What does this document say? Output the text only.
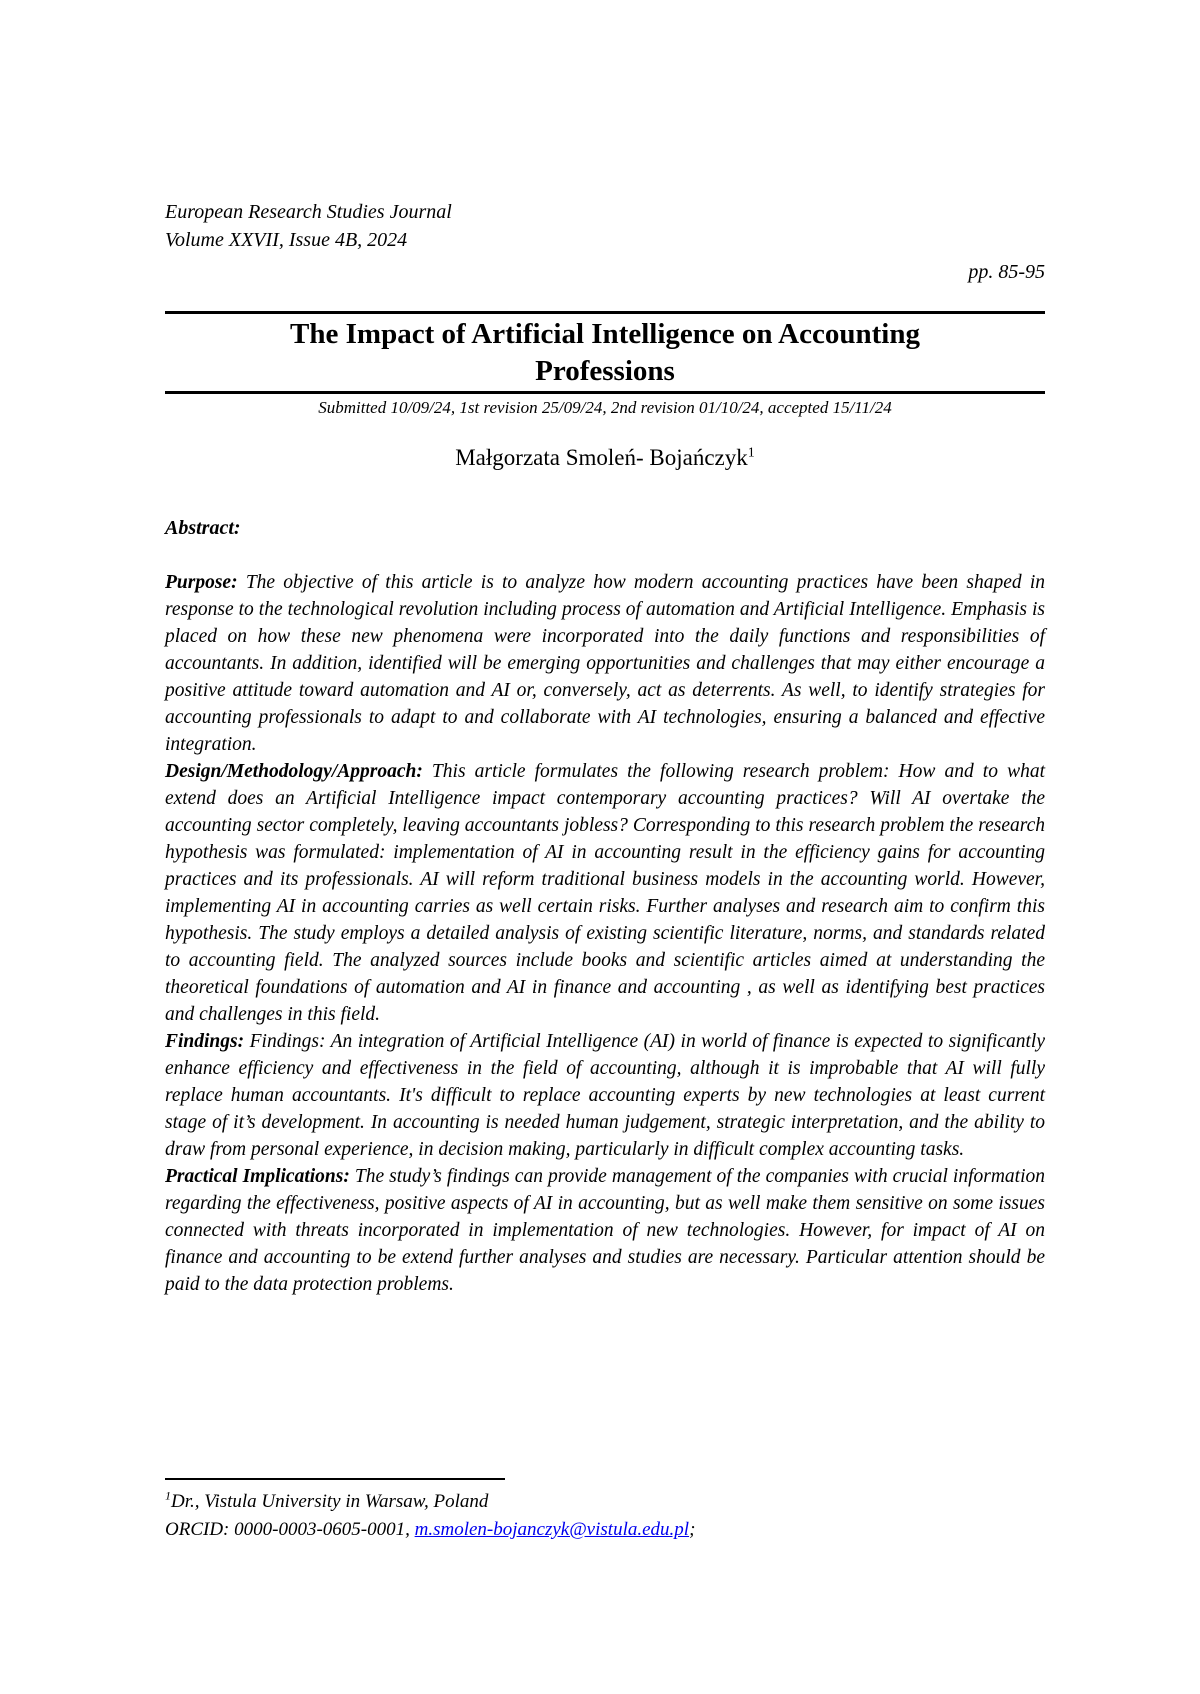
European Research Studies Journal
Volume XXVII, Issue 4B, 2024
pp. 85-95
The Impact of Artificial Intelligence on Accounting
Professions
Submitted 10/09/24, 1st revision 25/09/24, 2nd revision 01/10/24, accepted 15/11/24
Małgorzata Smoleń- Bojańczyk$^1$
Abstract:

Purpose: The objective of this article is to analyze how modern accounting practices have been shaped in response to the technological revolution including process of automation and Artificial Intelligence. Emphasis is placed on how these new phenomena were incorporated into the daily functions and responsibilities of accountants. In addition, identified will be emerging opportunities and challenges that may either encourage a positive attitude toward automation and AI or, conversely, act as deterrents. As well, to identify strategies for accounting professionals to adapt to and collaborate with AI technologies, ensuring a balanced and effective integration.

Design/Methodology/Approach: This article formulates the following research problem: How and to what extend does an Artificial Intelligence impact contemporary accounting practices? Will AI overtake the accounting sector completely, leaving accountants jobless? Corresponding to this research problem the research hypothesis was formulated: implementation of AI in accounting result in the efficiency gains for accounting practices and its professionals. AI will reform traditional business models in the accounting world. However, implementing AI in accounting carries as well certain risks. Further analyses and research aim to confirm this hypothesis. The study employs a detailed analysis of existing scientific literature, norms, and standards related to accounting field. The analyzed sources include books and scientific articles aimed at understanding the theoretical foundations of automation and AI in finance and accounting , as well as identifying best practices and challenges in this field.

Findings: Findings: An integration of Artificial Intelligence (AI) in world of finance is expected to significantly enhance efficiency and effectiveness in the field of accounting, although it is improbable that AI will fully replace human accountants. It's difficult to replace accounting experts by new technologies at least current stage of it’s development. In accounting is needed human judgement, strategic interpretation, and the ability to draw from personal experience, in decision making, particularly in difficult complex accounting tasks.

Practical Implications: The study’s findings can provide management of the companies with crucial information regarding the effectiveness, positive aspects of AI in accounting, but as well make them sensitive on some issues connected with threats incorporated in implementation of new technologies. However, for impact of AI on finance and accounting to be extend further analyses and studies are necessary. Particular attention should be paid to the data protection problems.

$^1$Dr., Vistula University in Warsaw, Poland
ORCID: 0000-0003-0605-0001, m.smolen-bojanczyk@vistula.edu.pl;
